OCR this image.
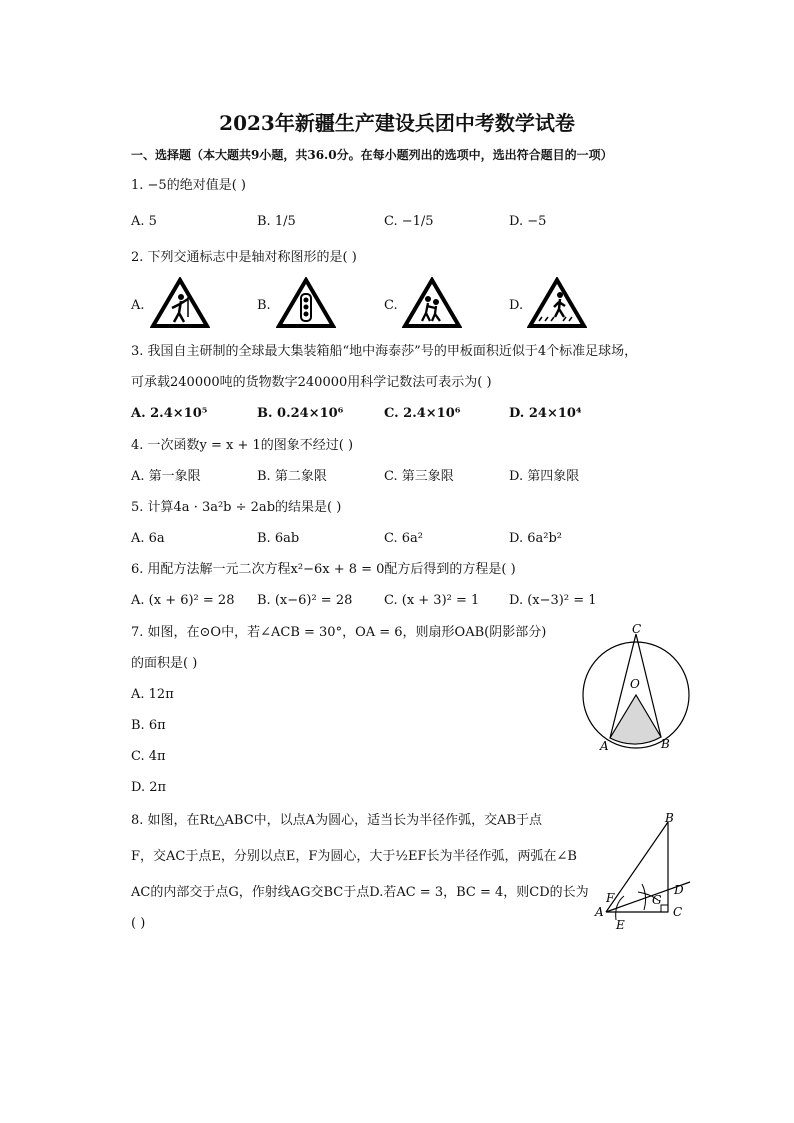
2023年新疆生产建设兵团中考数学试卷
一、选择题（本大题共9小题，共36.0分。在每小题列出的选项中，选出符合题目的一项）
1. −5的绝对值是( )
A. 5	B. 1/5	C. −1/5	D. −5
2. 下列交通标志中是轴对称图形的是( )
A.	B.	C.	D.
3. 我国自主研制的全球最大集装箱船“地中海泰莎”号的甲板面积近似于4个标准足球场，
可承载240000吨的货物数字240000用科学记数法可表示为( )
A. 2.4×10⁵	B. 0.24×10⁶	C. 2.4×10⁶	D. 24×10⁴
4. 一次函数y = x + 1的图象不经过( )
A. 第一象限	B. 第二象限	C. 第三象限	D. 第四象限
5. 计算4a · 3a²b ÷ 2ab的结果是( )
A. 6a	B. 6ab	C. 6a²	D. 6a²b²
6. 用配方法解一元二次方程x²−6x + 8 = 0配方后得到的方程是( )
A. (x + 6)² = 28 B. (x−6)² = 28 C. (x + 3)² = 1 D. (x−3)² = 1
7. 如图，在⊙O中，若∠ACB = 30°，OA = 6，则扇形OAB(阴影部分)
的面积是( )
A. 12π
B. 6π
C. 4π
D. 2π
C
O
A	B
8. 如图，在Rt△ABC中，以点A为圆心，适当长为半径作弧，交AB于点
F，交AC于点E，分别以点E，F为圆心，大于½EF长为半径作弧，两弧在∠B
AC的内部交于点G，作射线AG交BC于点D.若AC = 3，BC = 4，则CD的长为
( )
B
D
F	G
A
E
C
